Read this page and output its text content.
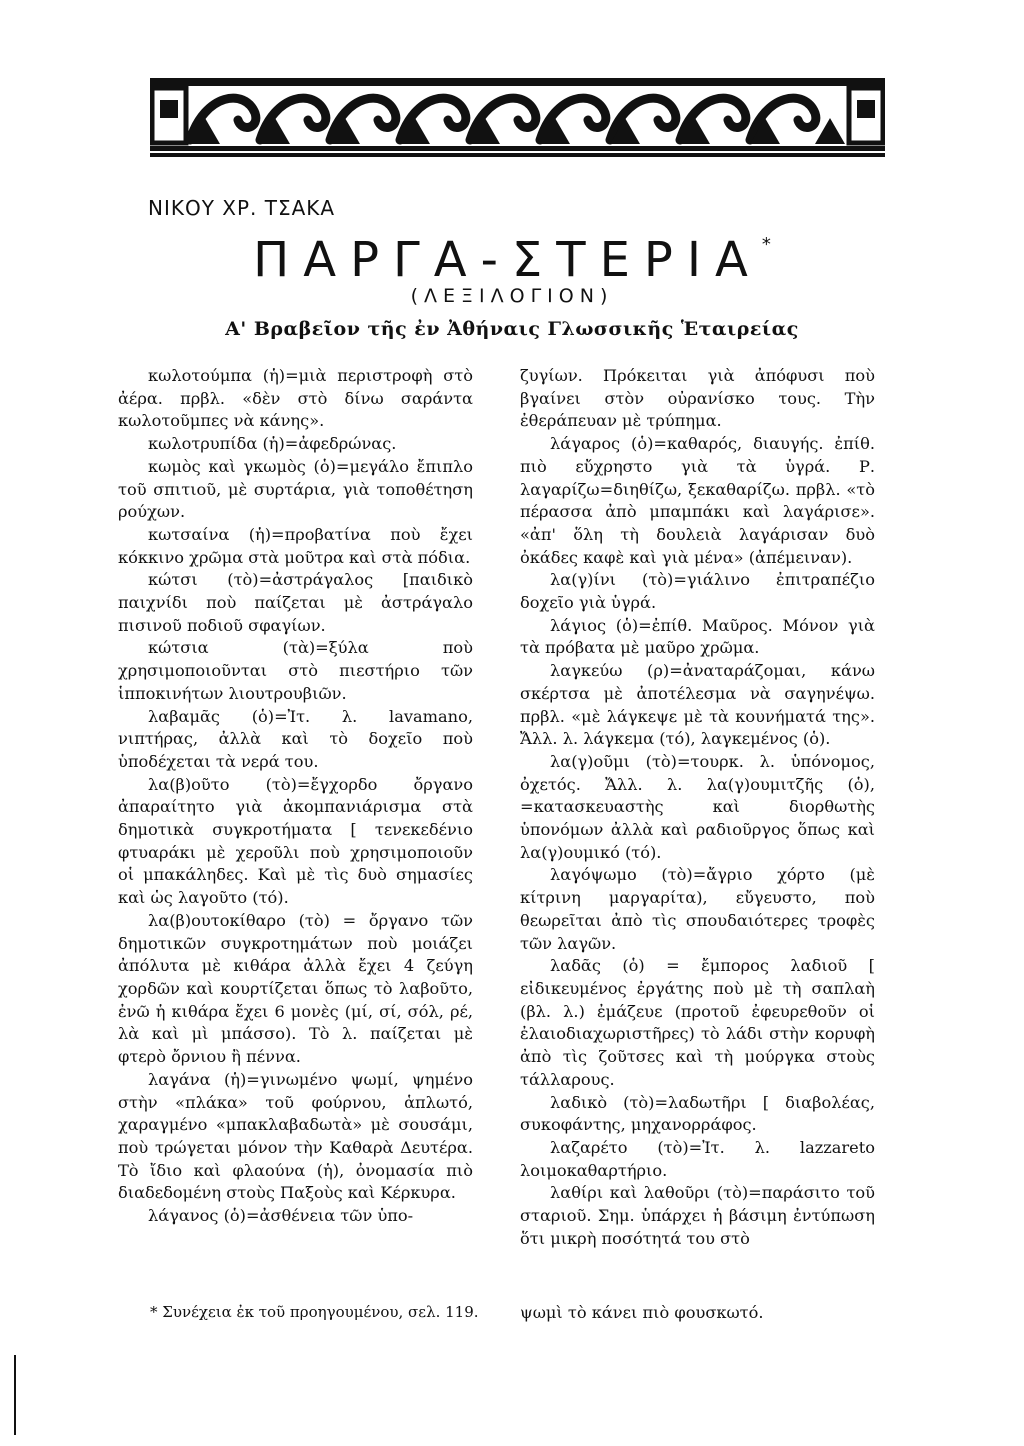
ΝΙΚΟΥ ΧΡ. ΤΣΑΚΑ
ΠΑΡΓΑ-ΣΤΕΡΙΑ*
(ΛΕΞΙΛΟΓΙΟΝ)
Α' Βραβεῖον τῆς ἐν Ἀθήναις Γλωσσικῆς Ἑταιρείας

κωλοτούμπα (ἡ)=μιὰ περιστροφὴ στὸ ἀέρα. πρβλ. «δὲν στὸ δίνω σαράντα κωλοτοῦμπες νὰ κάνης».

κωλοτρυπίδα (ἡ)=ἀφεδρώνας.

κωμὸς καὶ γκωμὸς (ὁ)=μεγάλο ἔπιπλο τοῦ σπιτιοῦ, μὲ συρτάρια, γιὰ τοποθέτηση ρούχων.

κωτσαίνα (ἡ)=προβατίνα ποὺ ἔχει κόκκινο χρῶμα στὰ μοῦτρα καὶ στὰ πόδια.

κώτσι (τὸ)=ἀστράγαλος [παιδικὸ παιχνίδι ποὺ παίζεται μὲ ἀστράγαλο πισινοῦ ποδιοῦ σφαγίων.

κώτσια (τὰ)=ξύλα ποὺ χρησιμοποιοῦνται στὸ πιεστήριο τῶν ἱπποκινήτων λιουτρουβιῶν.

λαβαμᾶς (ὁ)=Ἰτ. λ. lavamano, νιπτήρας, ἀλλὰ καὶ τὸ δοχεῖο ποὺ ὑποδέχεται τὰ νερά του.

λα(β)οῦτο (τὸ)=ἔγχορδο ὄργανο ἀπαραίτητο γιὰ ἀκομπανιάρισμα στὰ δημοτικὰ συγκροτήματα [ τενεκεδένιο φτυαράκι μὲ χεροῦλι ποὺ χρησιμοποιοῦν οἱ μπακάληδες. Καὶ μὲ τὶς δυὸ σημασίες καὶ ὡς λαγοῦτο (τό).

λα(β)ουτοκίθαρο (τὸ) = ὄργανο τῶν δημοτικῶν συγκροτημάτων ποὺ μοιάζει ἀπόλυτα μὲ κιθάρα ἀλλὰ ἔχει 4 ζεύγη χορδῶν καὶ κουρτίζεται ὅπως τὸ λαβοῦτο, ἐνῶ ἡ κιθάρα ἔχει 6 μονὲς (μί, σί, σόλ, ρέ, λὰ καὶ μὶ μπάσσο). Τὸ λ. παίζεται μὲ φτερὸ ὄρνιου ἢ πέννα.

λαγάνα (ἡ)=γινωμένο ψωμί, ψημένο στὴν «πλάκα» τοῦ φούρνου, ἁπλωτό, χαραγμένο «μπακλαβαδωτὰ» μὲ σουσάμι, ποὺ τρώγεται μόνον τὴν Καθαρὰ Δευτέρα. Τὸ ἴδιο καὶ φλαούνα (ἡ), ὀνομασία πιὸ διαδεδομένη στοὺς Παξοὺς καὶ Κέρκυρα.

λάγανος (ὁ)=ἀσθένεια τῶν ὑπο-

ζυγίων. Πρόκειται γιὰ ἀπόφυσι ποὺ βγαίνει στὸν οὐρανίσκο τους. Τὴν ἐθεράπευαν μὲ τρύπημα.

λάγαρος (ὁ)=καθαρός, διαυγής. ἐπίθ. πιὸ εὔχρηστο γιὰ τὰ ὑγρά. Ρ. λαγαρίζω=διηθίζω, ξεκαθαρίζω. πρβλ. «τὸ πέρασσα ἀπὸ μπαμπάκι καὶ λαγάρισε». «ἀπ' ὅλη τὴ δουλειὰ λαγάρισαν δυὸ ὀκάδες καφὲ καὶ γιὰ μένα» (ἀπέμειναν).

λα(γ)ίνι (τὸ)=γιάλινο ἐπιτραπέζιο δοχεῖο γιὰ ὑγρά.

λάγιος (ὁ)=ἐπίθ. Μαῦρος. Μόνον γιὰ τὰ πρόβατα μὲ μαῦρο χρῶμα.

λαγκεύω (ρ)=ἀναταράζομαι, κάνω σκέρτσα μὲ ἀποτέλεσμα νὰ σαγηνέψω. πρβλ. «μὲ λάγκεψε μὲ τὰ κουνήματά της». Ἄλλ. λ. λάγκεμα (τό), λαγκεμένος (ὁ).

λα(γ)οῦμι (τὸ)=τουρκ. λ. ὑπόνομος, ὀχετός. Ἄλλ. λ. λα(γ)ουμιτζῆς (ὁ), =κατασκευαστὴς καὶ διορθωτὴς ὑπονόμων ἀλλὰ καὶ ραδιοῦργος ὅπως καὶ λα(γ)ουμικό (τό).

λαγόψωμο (τὸ)=ἄγριο χόρτο (μὲ κίτρινη μαργαρίτα), εὔγευστο, ποὺ θεωρεῖται ἀπὸ τὶς σπουδαιότερες τροφὲς τῶν λαγῶν.

λαδᾶς (ὁ) = ἔμπορος λαδιοῦ [ εἰδικευμένος ἐργάτης ποὺ μὲ τὴ σαπλαὴ (βλ. λ.) ἐμάζευε (προτοῦ ἐφευρεθοῦν οἱ ἐλαιοδιαχωριστῆρες) τὸ λάδι στὴν κορυφὴ ἀπὸ τὶς ζοῦτσες καὶ τὴ μούργκα στοὺς τάλλαρους.

λαδικὸ (τὸ)=λαδωτῆρι [ διαβολέας, συκοφάντης, μηχανορράφος.

λαζαρέτο (τὸ)=Ἰτ. λ. lazzareto λοιμοκαθαρτήριο.

λαθίρι καὶ λαθοῦρι (τὸ)=παράσιτο τοῦ σταριοῦ. Σημ. ὑπάρχει ἡ βάσιμη ἐντύπωση ὅτι μικρὴ ποσότητά του στὸ

* Συνέχεια ἐκ τοῦ προηγουμένου, σελ. 119.	ψωμὶ τὸ κάνει πιὸ φουσκωτό.
